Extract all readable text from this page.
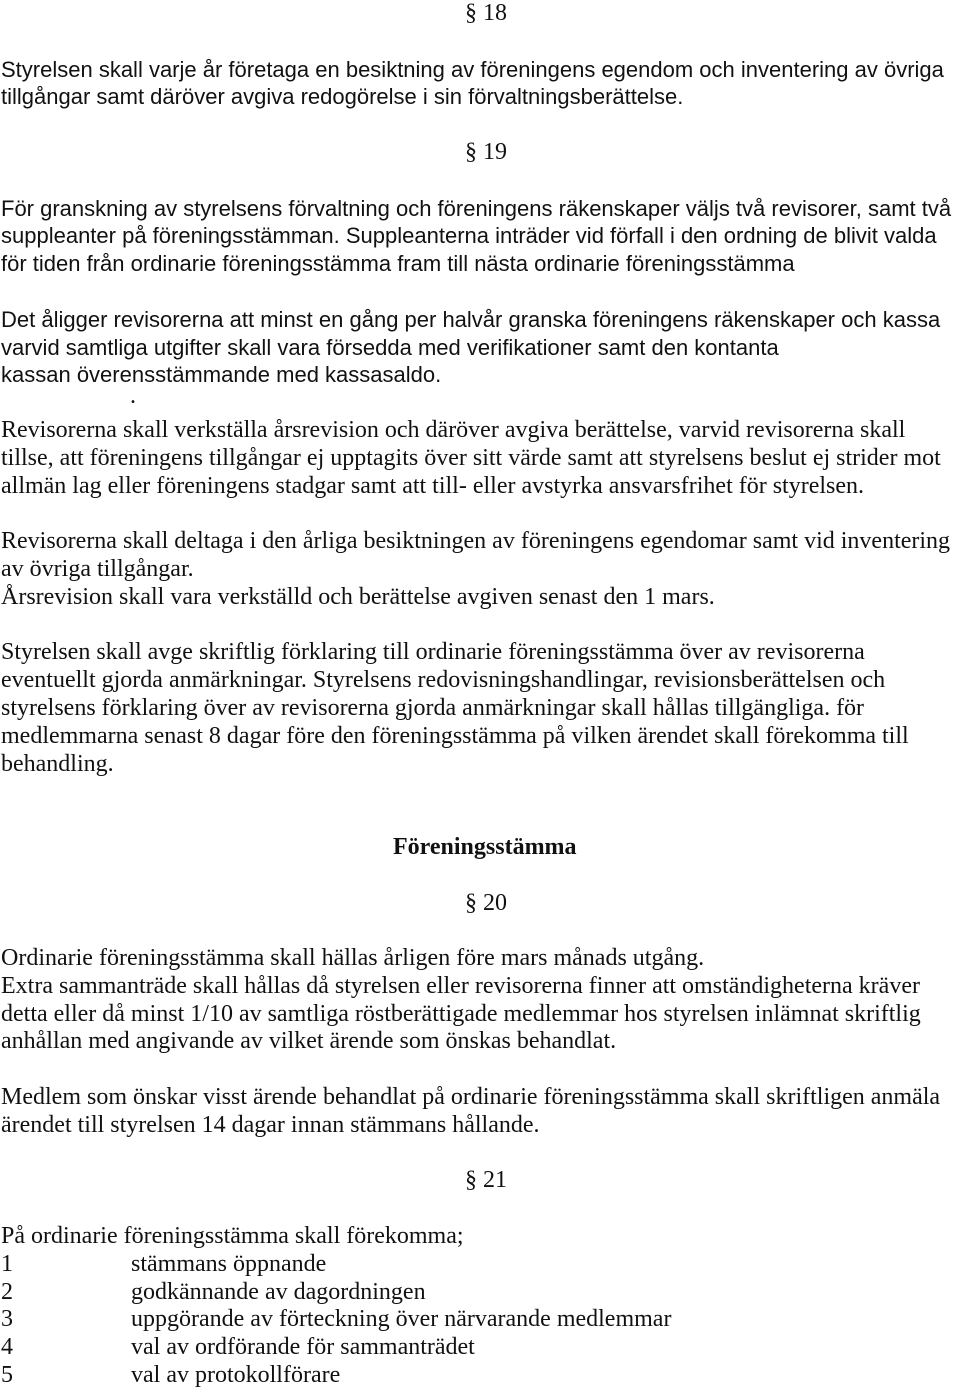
§ 18
Styrelsen skall varje år företaga en besiktning av föreningens egendom och inventering av övriga
tillgångar samt däröver avgiva redogörelse i sin förvaltningsberättelse.
§ 19
För granskning av styrelsens förvaltning och föreningens räkenskaper väljs två revisorer, samt två
suppleanter på föreningsstämman. Suppleanterna inträder vid förfall i den ordning de blivit valda
för tiden från ordinarie föreningsstämma fram till nästa ordinarie föreningsstämma
Det åligger revisorerna att minst en gång per halvår granska föreningens räkenskaper och kassa
varvid samtliga utgifter skall vara försedda med verifikationer samt den kontanta
kassan överensstämmande med kassasaldo.
.
Revisorerna skall verkställa årsrevision och däröver avgiva berättelse, varvid revisorerna skall
tillse, att föreningens tillgångar ej upptagits över sitt värde samt att styrelsens beslut ej strider mot
allmän lag eller föreningens stadgar samt att till- eller avstyrka ansvarsfrihet för styrelsen.
Revisorerna skall deltaga i den årliga besiktningen av föreningens egendomar samt vid inventering
av övriga tillgångar.
Årsrevision skall vara verkställd och berättelse avgiven senast den 1 mars.
Styrelsen skall avge skriftlig förklaring till ordinarie föreningsstämma över av revisorerna
eventuellt gjorda anmärkningar. Styrelsens redovisningshandlingar, revisionsberättelsen och
styrelsens förklaring över av revisorerna gjorda anmärkningar skall hållas tillgängliga. för
medlemmarna senast 8 dagar före den föreningsstämma på vilken ärendet skall förekomma till
behandling.
Föreningsstämma
§ 20
Ordinarie föreningsstämma skall hällas årligen före mars månads utgång.
Extra sammanträde skall hållas då styrelsen eller revisorerna finner att omständigheterna kräver
detta eller då minst 1/10 av samtliga röstberättigade medlemmar hos styrelsen inlämnat skriftlig
anhållan med angivande av vilket ärende som önskas behandlat.
Medlem som önskar visst ärende behandlat på ordinarie föreningsstämma skall skriftligen anmäla
ärendet till styrelsen 14 dagar innan stämmans hållande.
§ 21
På ordinarie föreningsstämma skall förekomma;
1	stämmans öppnande
2	godkännande av dagordningen
3	uppgörande av förteckning över närvarande medlemmar
4	val av ordförande för sammanträdet
5	val av protokollförare
